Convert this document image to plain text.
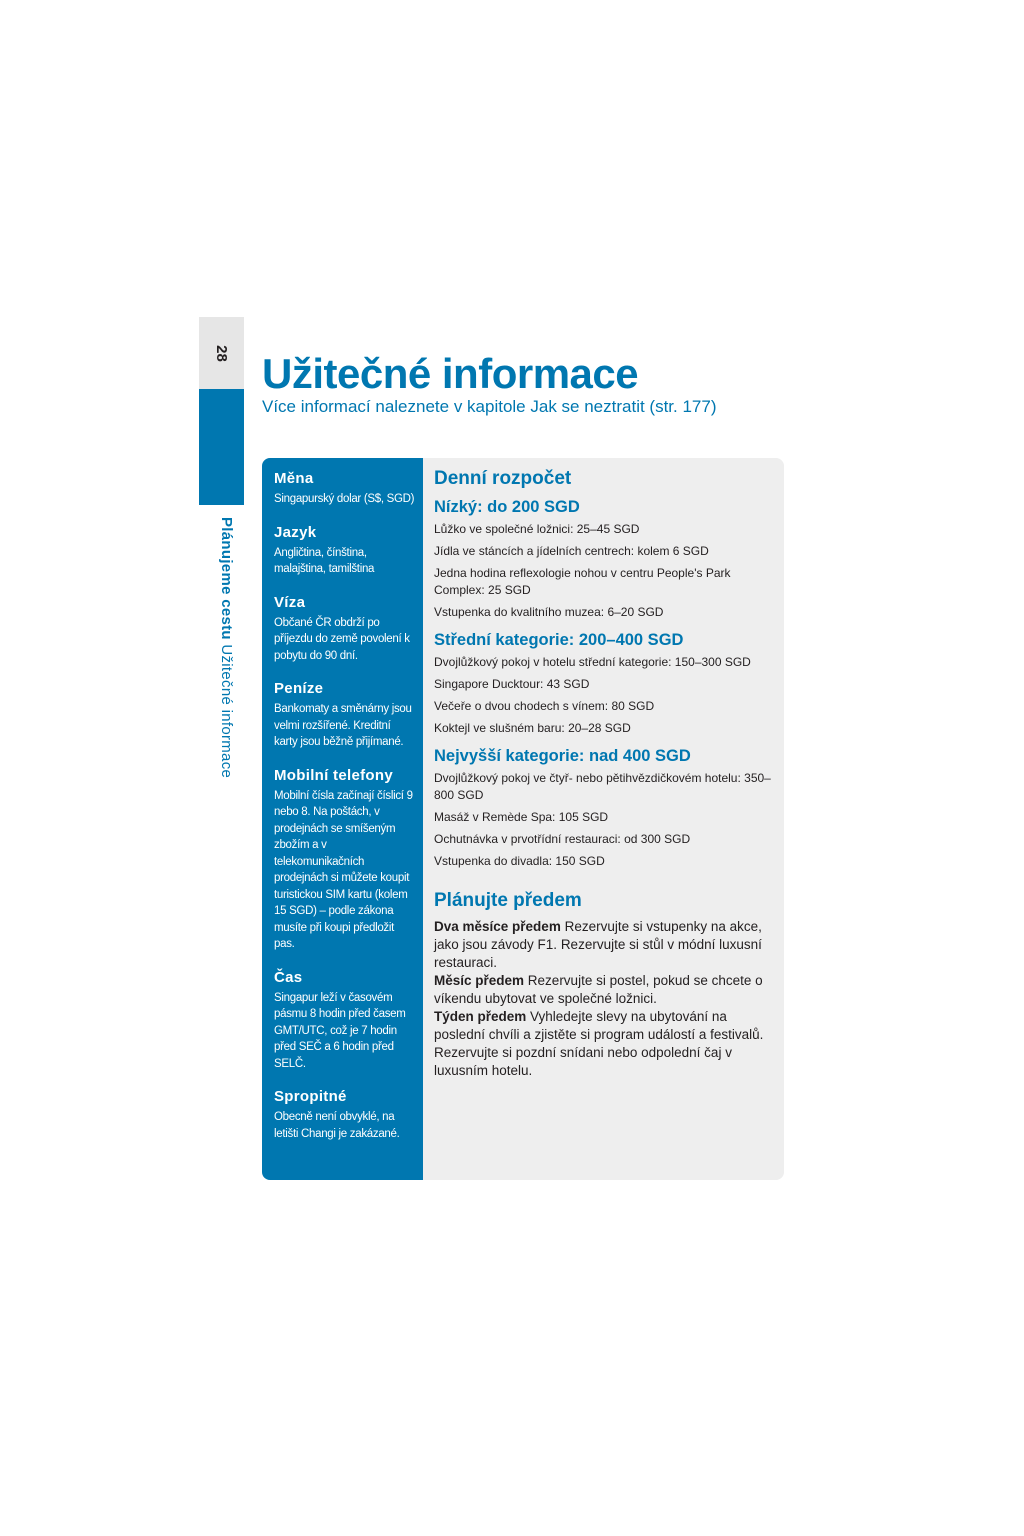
28
Plánujeme cestu Užitečné informace
Užitečné informace

Více informací naleznete v kapitole Jak se neztratit (str. 177)

Měna

Singapurský dolar (S$, SGD)

Jazyk

Angličtina, čínština, malajština, tamilština

Víza

Občané ČR obdrží po příjezdu do země povolení k pobytu do 90 dní.

Peníze

Bankomaty a směnárny jsou velmi rozšířené. Kreditní karty jsou běžně přijímané.

Mobilní telefony

Mobilní čísla začínají číslicí 9 nebo 8. Na poštách, v prodejnách se smíšeným zbožím a v telekomunikačních prodejnách si můžete koupit turistickou SIM kartu (kolem 15 SGD) – podle zákona musíte při koupi předložit pas.

Čas

Singapur leží v časovém pásmu 8 hodin před časem GMT/UTC, což je 7 hodin před SEČ a 6 hodin před SELČ.

Spropitné

Obecně není obvyklé, na letišti Changi je zakázané.

Denní rozpočet
Nízký: do 200 SGD
Lůžko ve společné ložnici: 25–45 SGD
Jídla ve stáncích a jídelních centrech: kolem 6 SGD
Jedna hodina reflexologie nohou v centru People's Park Complex: 25 SGD
Vstupenka do kvalitního muzea: 6–20 SGD
Střední kategorie: 200–400 SGD
Dvojlůžkový pokoj v hotelu střední kategorie: 150–300 SGD
Singapore Ducktour: 43 SGD
Večeře o dvou chodech s vínem: 80 SGD
Koktejl ve slušném baru: 20–28 SGD
Nejvyšší kategorie: nad 400 SGD
Dvojlůžkový pokoj ve čtyř- nebo pětihvězdičkovém hotelu: 350–800 SGD
Masáž v Remède Spa: 105 SGD
Ochutnávka v prvotřídní restauraci: od 300 SGD
Vstupenka do divadla: 150 SGD
Plánujte předem

Dva měsíce předem Rezervujte si vstupenky na akce, jako jsou závody F1. Rezervujte si stůl v módní luxusní restauraci.

Měsíc předem Rezervujte si postel, pokud se chcete o víkendu ubytovat ve společné ložnici.

Týden předem Vyhledejte slevy na ubytování na poslední chvíli a zjistěte si program událostí a festivalů. Rezervujte si pozdní snídani nebo odpolední čaj v luxusním hotelu.
